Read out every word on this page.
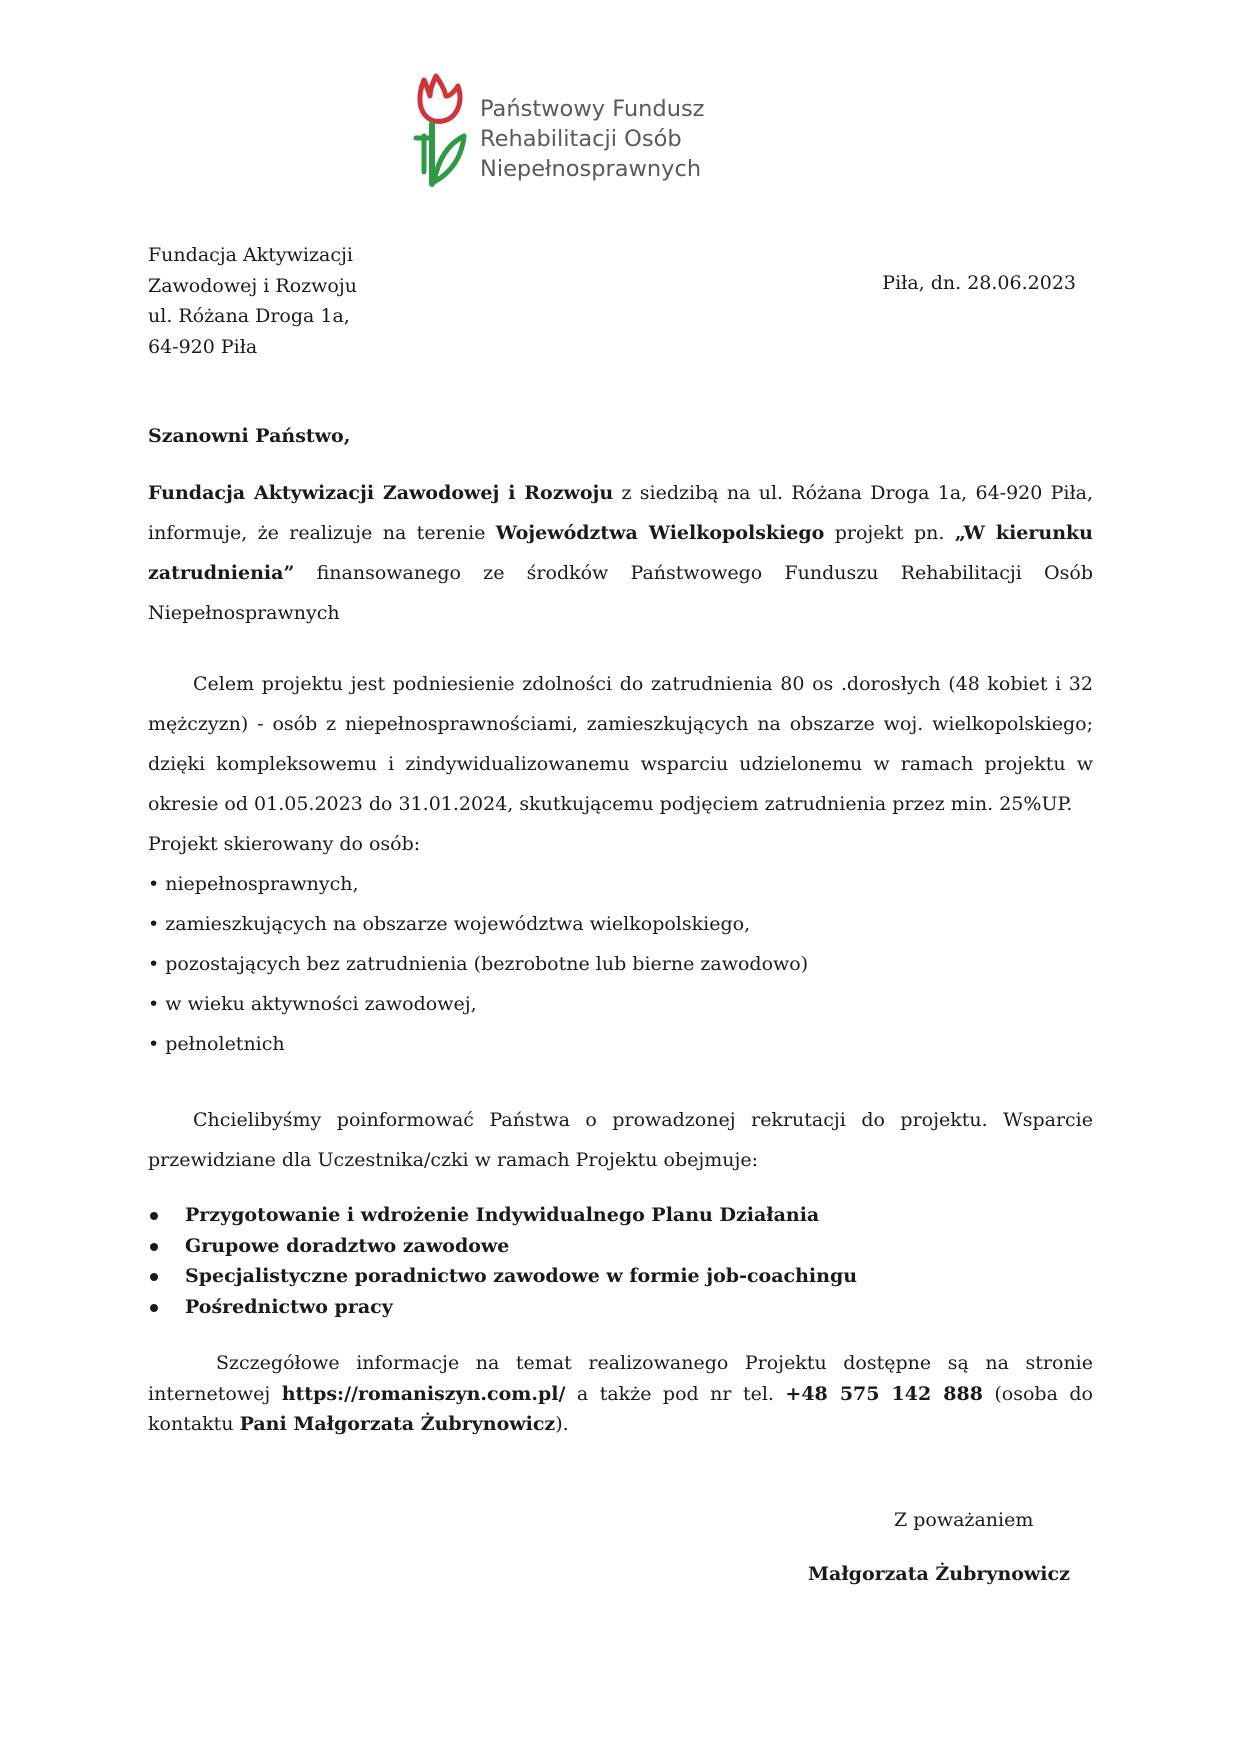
Państwowy Fundusz
Rehabilitacji Osób
Niepełnosprawnych
Fundacja Aktywizacji
Zawodowej i Rozwoju
ul. Różana Droga 1a,
64-920 Piła
Piła, dn. 28.06.2023
Szanowni Państwo,
Fundacja Aktywizacji Zawodowej i Rozwoju z siedzibą na ul. Różana Droga 1a, 64-920 Piła, informuje, że realizuje na terenie Województwa Wielkopolskiego projekt pn. „W kierunku zatrudnienia” finansowanego ze środków Państwowego Funduszu Rehabilitacji Osób Niepełnosprawnych
Celem projektu jest podniesienie zdolności do zatrudnienia 80 os .dorosłych (48 kobiet i 32 mężczyzn) - osób z niepełnosprawnościami, zamieszkujących na obszarze woj. wielkopolskiego; dzięki kompleksowemu i zindywidualizowanemu wsparciu udzielonemu w ramach projektu w okresie od 01.05.2023 do 31.01.2024, skutkującemu podjęciem zatrudnienia przez min. 25%UP.
Projekt skierowany do osób:
• niepełnosprawnych,
• zamieszkujących na obszarze województwa wielkopolskiego,
• pozostających bez zatrudnienia (bezrobotne lub bierne zawodowo)
• w wieku aktywności zawodowej,
• pełnoletnich
Chcielibyśmy poinformować Państwa o prowadzonej rekrutacji do projektu. Wsparcie przewidziane dla Uczestnika/czki w ramach Projektu obejmuje:
Przygotowanie i wdrożenie Indywidualnego Planu Działania
Grupowe doradztwo zawodowe
Specjalistyczne poradnictwo zawodowe w formie job-coachingu
Pośrednictwo pracy
Szczegółowe informacje na temat realizowanego Projektu dostępne są na stronie internetowej https://romaniszyn.com.pl/ a także pod nr tel. +48 575 142 888 (osoba do kontaktu Pani Małgorzata Żubrynowicz).
Z poważaniem
Małgorzata Żubrynowicz
